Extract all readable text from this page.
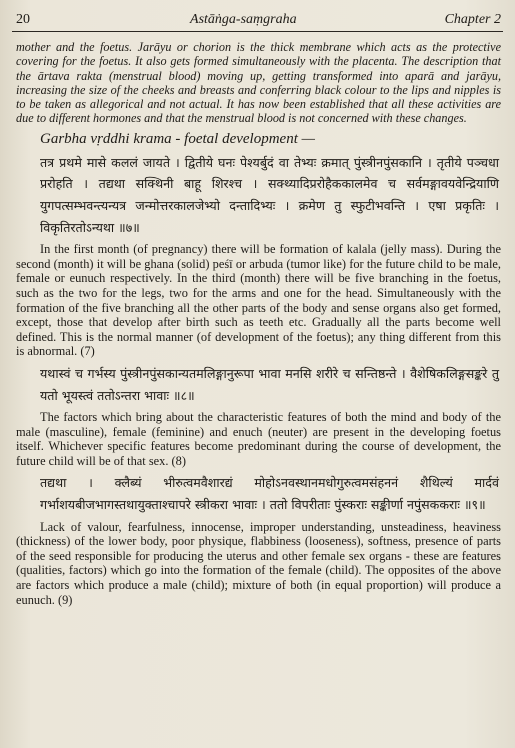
20	Astāṅga-saṃgraha	Chapter 2

mother and the foetus. Jarāyu or chorion is the thick membrane which acts as the protective covering for the foetus. It also gets formed simultaneously with the placenta. The description that the ārtava rakta (menstrual blood) moving up, getting transformed into aparā and jarāyu, increasing the size of the cheeks and breasts and conferring black colour to the lips and nipples is to be taken as allegorical and not actual. It has now been established that all these activities are due to different hormones and that the menstrual blood is not concerned with these changes.

Garbha vṛddhi krama - foetal development —

तत्र प्रथमे मासे कललं जायते । द्वितीये घनः पेश्यर्बुदं वा तेभ्यः क्रमात् पुंस्त्रीनपुंसकानि । तृतीये पञ्चधा प्ररोहति । तद्यथा सक्थिनी बाहू शिरश्च । सक्थ्यादिप्ररोहैककालमेव च सर्वमङ्गावयवेन्द्रियाणि युगपत्सम्भवन्त्यन्यत्र जन्मोत्तरकालजेभ्यो दन्तादिभ्यः । क्रमेण तु स्फुटीभवन्ति । एषा प्रकृतिः । विकृतिरतोऽन्यथा ॥७॥

In the first month (of pregnancy) there will be formation of kalala (jelly mass). During the second (month) it will be ghana (solid) peśī or arbuda (tumor like) for the future child to be male, female or eunuch respectively. In the third (month) there will be five branching in the foetus, such as the two for the legs, two for the arms and one for the head. Simultaneously with the formation of the five branching all the other parts of the body and sense organs also get formed, except, those that develop after birth such as teeth etc. Gradually all the parts become well defined. This is the normal manner (of development of the foetus); any thing different from this is abnormal. (7)

यथास्वं च गर्भस्य पुंस्त्रीनपुंसकान्यतमलिङ्गानुरूपा भावा मनसि शरीरे च सन्तिष्ठन्ते । वैशेषिकलिङ्गसङ्करे तु यतो भूयस्त्वं ततोऽन्तरा भावाः ॥८॥

The factors which bring about the characteristic features of both the mind and body of the male (masculine), female (feminine) and enuch (neuter) are present in the developing foetus itself. Whichever specific features become predominant during the course of development, the future child will be of that sex. (8)

तद्यथा । क्लैब्यं भीरुत्वमवैशारद्यं मोहोऽनवस्थानमधोगुरुत्वमसंहननं शैथिल्यं मार्दवं गर्भाशयबीजभागस्तथायुक्ताश्चापरे स्त्रीकरा भावाः । ततो विपरीताः पुंस्कराः सङ्कीर्णा नपुंसककराः ॥९॥

Lack of valour, fearfulness, innocense, improper understanding, unsteadiness, heaviness (thickness) of the lower body, poor physique, flabbiness (looseness), softness, presence of parts of the seed responsible for producing the uterus and other female sex organs - these are features (qualities, factors) which go into the formation of the female (child). The opposites of the above are factors which produce a male (child); mixture of both (in equal proportion) will produce a eunuch. (9)
